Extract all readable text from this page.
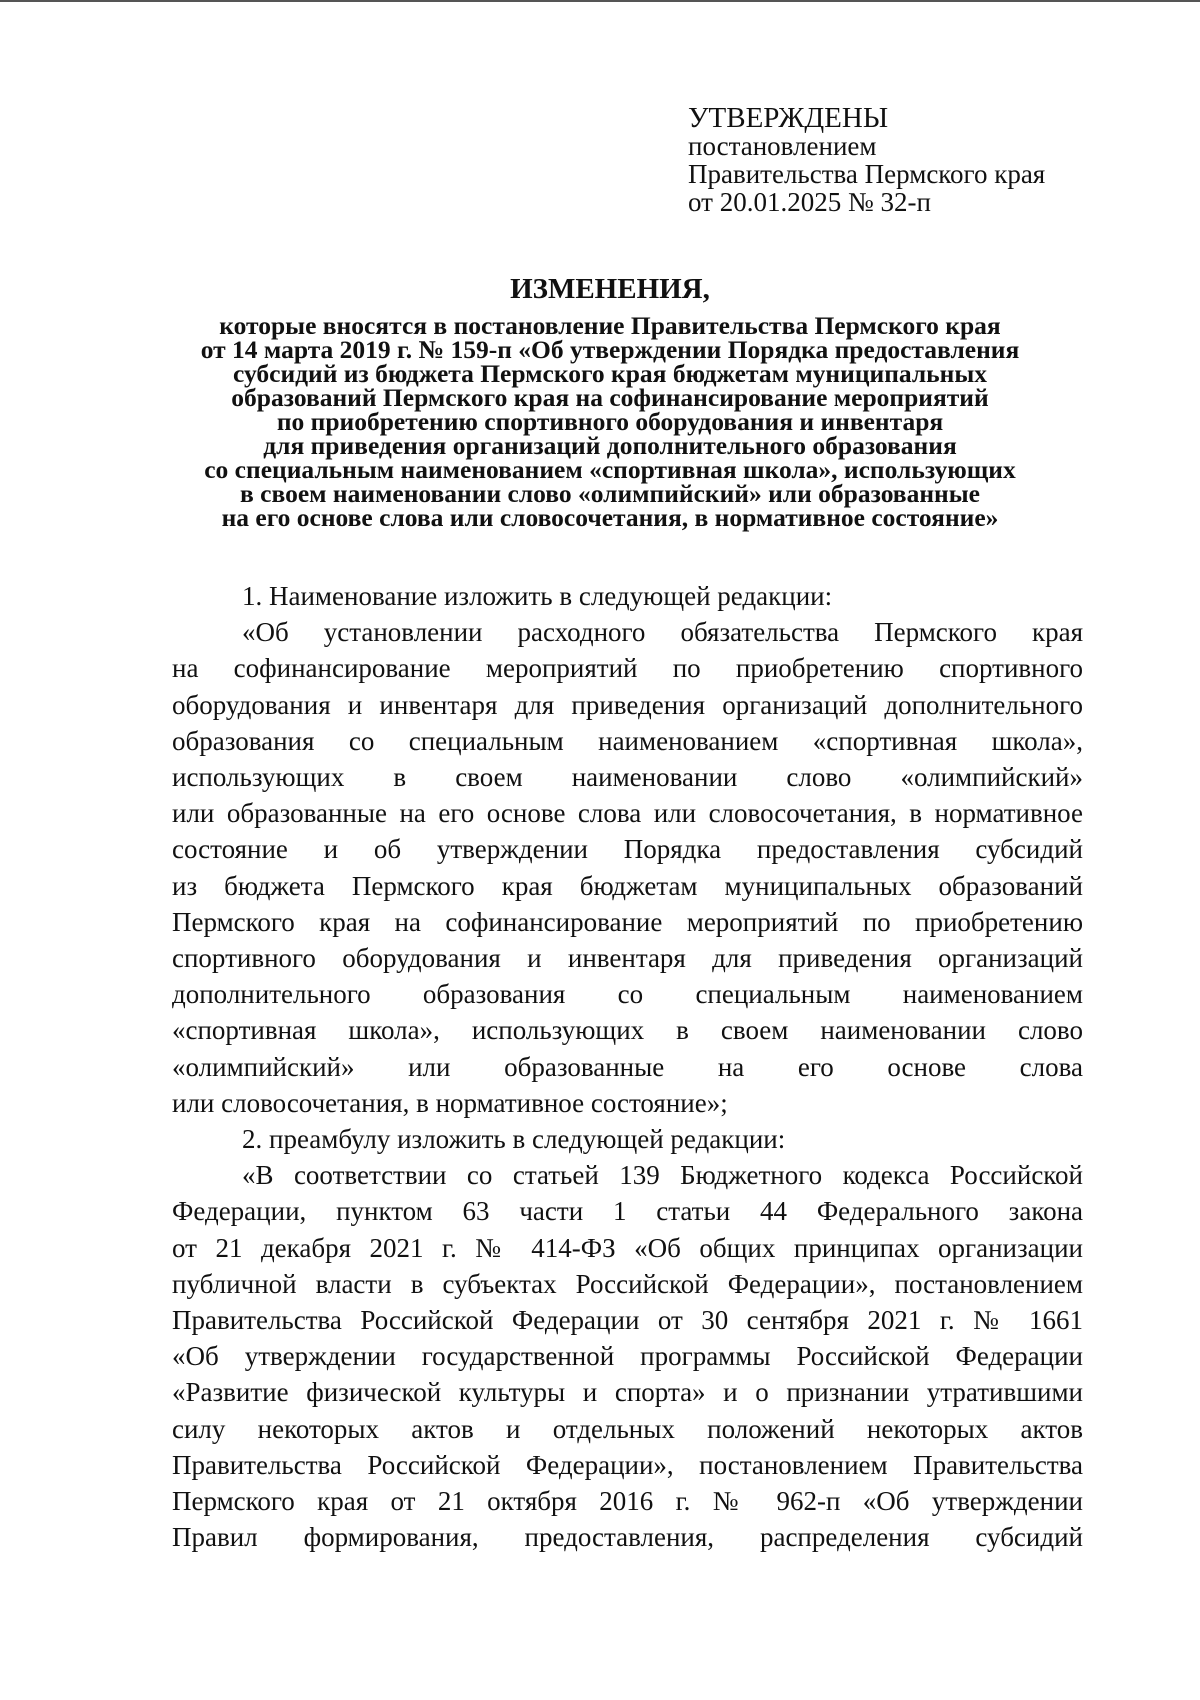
УТВЕРЖДЕНЫ
постановлением
Правительства Пермского края
от 20.01.2025 № 32-п
ИЗМЕНЕНИЯ,
которые вносятся в постановление Правительства Пермского края
от 14 марта 2019 г. № 159-п «Об утверждении Порядка предоставления
субсидий из бюджета Пермского края бюджетам муниципальных
образований Пермского края на софинансирование мероприятий
по приобретению спортивного оборудования и инвентаря
для приведения организаций дополнительного образования
со специальным наименованием «спортивная школа», использующих
в своем наименовании слово «олимпийский» или образованные
на его основе слова или словосочетания, в нормативное состояние»

1. Наименование изложить в следующей редакции:

«Об установлении расходного обязательства Пермского края
на софинансирование мероприятий по приобретению спортивного
оборудования и инвентаря для приведения организаций дополнительного
образования со специальным наименованием «спортивная школа»,
использующих в своем наименовании слово «олимпийский»
или образованные на его основе слова или словосочетания, в нормативное
состояние и об утверждении Порядка предоставления субсидий
из бюджета Пермского края бюджетам муниципальных образований
Пермского края на софинансирование мероприятий по приобретению
спортивного оборудования и инвентаря для приведения организаций
дополнительного образования со специальным наименованием
«спортивная школа», использующих в своем наименовании слово
«олимпийский» или образованные на его основе слова
или словосочетания, в нормативное состояние»;

2. преамбулу изложить в следующей редакции:

«В соответствии со статьей 139 Бюджетного кодекса Российской
Федерации, пунктом 63 части 1 статьи 44 Федерального закона
от 21 декабря 2021 г. № 414-ФЗ «Об общих принципах организации
публичной власти в субъектах Российской Федерации», постановлением
Правительства Российской Федерации от 30 сентября 2021 г. № 1661
«Об утверждении государственной программы Российской Федерации
«Развитие физической культуры и спорта» и о признании утратившими
силу некоторых актов и отдельных положений некоторых актов
Правительства Российской Федерации», постановлением Правительства
Пермского края от 21 октября 2016 г. № 962-п «Об утверждении
Правил формирования, предоставления, распределения субсидий
